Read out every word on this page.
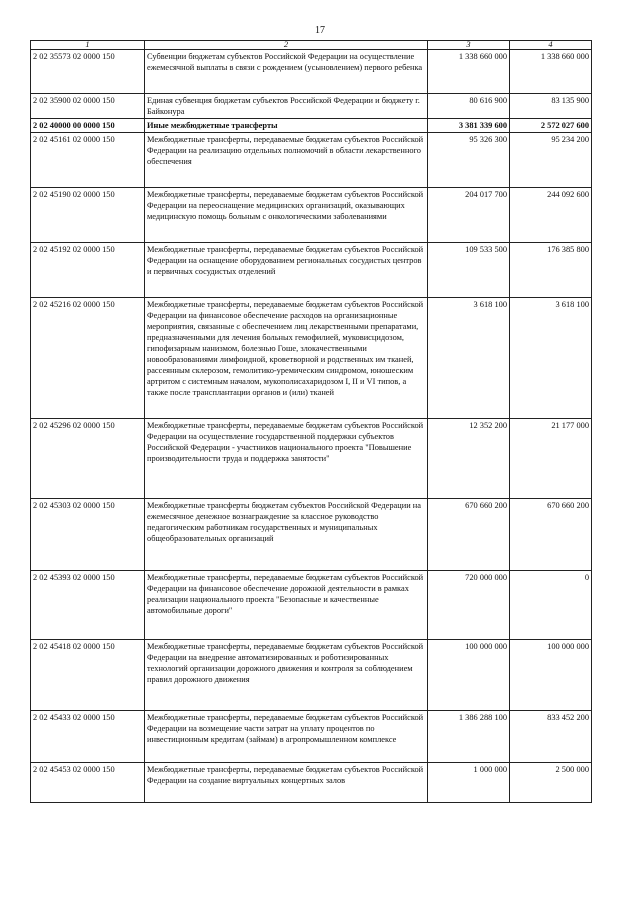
17
1	2	3	4
2 02 35573 02 0000 150	Субвенции бюджетам субъектов Российской Федерации на осуществление ежемесячной выплаты в связи с рождением (усыновлением) первого ребенка	1 338 660 000	1 338 660 000
2 02 35900 02 0000 150	Единая субвенция бюджетам субъектов Российской Федерации и бюджету г. Байконура	80 616 900	83 135 900
2 02 40000 00 0000 150	Иные межбюджетные трансферты	3 381 339 600	2 572 027 600
2 02 45161 02 0000 150	Межбюджетные трансферты, передаваемые бюджетам субъектов Российской Федерации на реализацию отдельных полномочий в области лекарственного обеспечения	95 326 300	95 234 200
2 02 45190 02 0000 150	Межбюджетные трансферты, передаваемые бюджетам субъектов Российской Федерации на переоснащение медицинских организаций, оказывающих медицинскую помощь больным с онкологическими заболеваниями	204 017 700	244 092 600
2 02 45192 02 0000 150	Межбюджетные трансферты, передаваемые бюджетам субъектов Российской Федерации на оснащение оборудованием региональных сосудистых центров и первичных сосудистых отделений	109 533 500	176 385 800
2 02 45216 02 0000 150	Межбюджетные трансферты, передаваемые бюджетам субъектов Российской Федерации на финансовое обеспечение расходов на организационные мероприятия, связанные с обеспечением лиц лекарственными препаратами, предназначенными для лечения больных гемофилией, муковисцидозом, гипофизарным нанизмом, болезнью Гоше, злокачественными новообразованиями лимфоидной, кроветворной и родственных им тканей, рассеянным склерозом, гемолитико-уремическим синдромом, юношеским артритом с системным началом, мукополисахаридозом I, II и VI типов, а также после трансплантации органов и (или) тканей	3 618 100	3 618 100
2 02 45296 02 0000 150	Межбюджетные трансферты, передаваемые бюджетам субъектов Российской Федерации на осуществление государственной поддержки субъектов Российской Федерации - участников национального проекта "Повышение производительности труда и поддержка занятости"	12 352 200	21 177 000
2 02 45303 02 0000 150	Межбюджетные трансферты бюджетам субъектов Российской Федерации на ежемесячное денежное вознаграждение за классное руководство педагогическим работникам государственных и муниципальных общеобразовательных организаций	670 660 200	670 660 200
2 02 45393 02 0000 150	Межбюджетные трансферты, передаваемые бюджетам субъектов Российской Федерации на финансовое обеспечение дорожной деятельности в рамках реализации национального проекта "Безопасные и качественные автомобильные дороги"	720 000 000	0
2 02 45418 02 0000 150	Межбюджетные трансферты, передаваемые бюджетам субъектов Российской Федерации на внедрение автоматизированных и роботизированных технологий организации дорожного движения и контроля за соблюдением правил дорожного движения	100 000 000	100 000 000
2 02 45433 02 0000 150	Межбюджетные трансферты, передаваемые бюджетам субъектов Российской Федерации на возмещение части затрат на уплату процентов по инвестиционным кредитам (займам) в агропромышленном комплексе	1 386 288 100	833 452 200
2 02 45453 02 0000 150	Межбюджетные трансферты, передаваемые бюджетам субъектов Российской Федерации на создание виртуальных концертных залов	1 000 000	2 500 000
